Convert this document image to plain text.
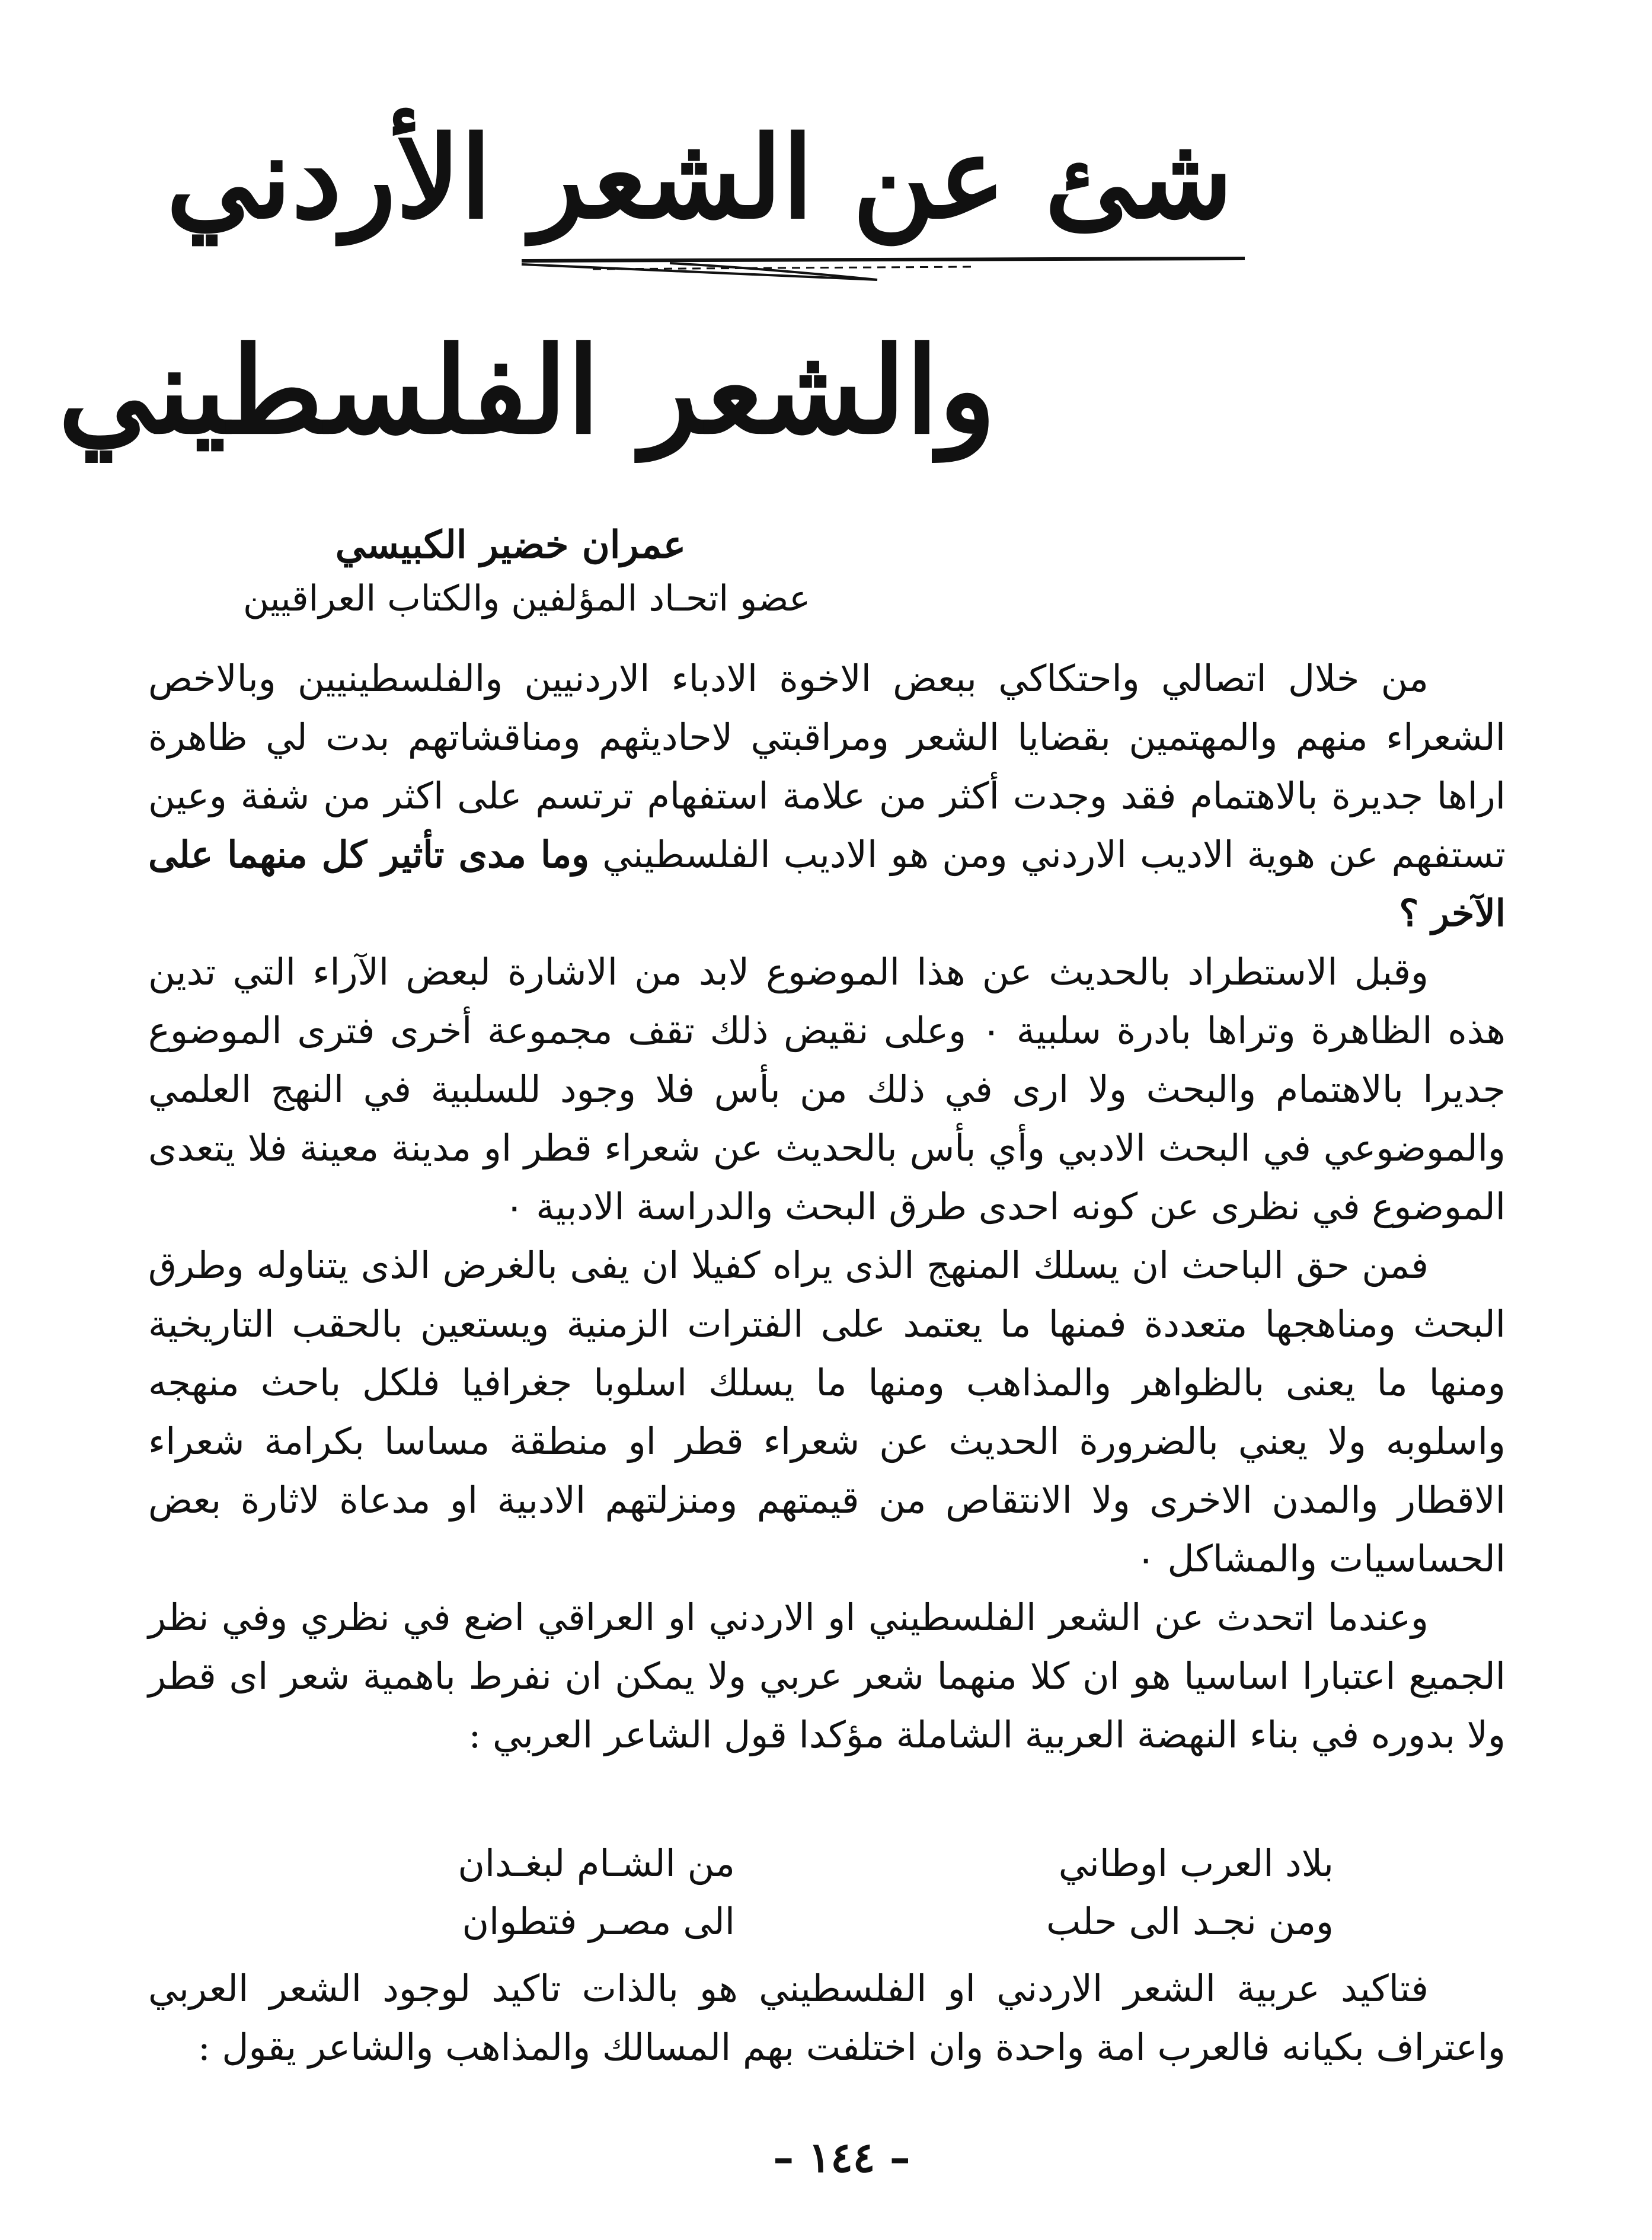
شئ عن الشعر الأردني
والشعر الفلسطيني
عمران خضير الكبيسي
عضو اتحـاد المؤلفين والكتاب العراقيين

من خلال اتصالي واحتكاكي ببعض الاخوة الادباء الاردنيين والفلسطينيين وبالاخص الشعراء منهم والمهتمين بقضايا الشعر ومراقبتي لاحاديثهم ومناقشاتهم بدت لي ظاهرة اراها جديرة بالاهتمام فقد وجدت أكثر من علامة استفهام ترتسم على اكثر من شفة وعين تستفهم عن هوية الاديب الاردني ومن هو الاديب الفلسطيني وما مدى تأثير كل منهما على الآخر ؟

وقبل الاستطراد بالحديث عن هذا الموضوع لابد من الاشارة لبعض الآراء التي تدين هذه الظاهرة وتراها بادرة سلبية ٠ وعلى نقيض ذلك تقف مجموعة أخرى فترى الموضوع جديرا بالاهتمام والبحث ولا ارى في ذلك من بأس فلا وجود للسلبية في النهج العلمي والموضوعي في البحث الادبي وأي بأس بالحديث عن شعراء قطر او مدينة معينة فلا يتعدى الموضوع في نظرى عن كونه احدى طرق البحث والدراسة الادبية ٠

فمن حق الباحث ان يسلك المنهج الذى يراه كفيلا ان يفى بالغرض الذى يتناوله وطرق البحث ومناهجها متعددة فمنها ما يعتمد على الفترات الزمنية ويستعين بالحقب التاريخية ومنها ما يعنى بالظواهر والمذاهب ومنها ما يسلك اسلوبا جغرافيا فلكل باحث منهجه واسلوبه ولا يعني بالضرورة الحديث عن شعراء قطر او منطقة مساسا بكرامة شعراء الاقطار والمدن الاخرى ولا الانتقاص من قيمتهم ومنزلتهم الادبية او مدعاة لاثارة بعض الحساسيات والمشاكل ٠

وعندما اتحدث عن الشعر الفلسطيني او الاردني او العراقي اضع في نظري وفي نظر الجميع اعتبارا اساسيا هو ان كلا منهما شعر عربي ولا يمكن ان نفرط باهمية شعر اى قطر ولا بدوره في بناء النهضة العربية الشاملة مؤكدا قول الشاعر العربي :

بلاد العرب اوطاني
من الشـام لبغـدان
ومن نجـد الى حلب
الى مصـر فتطوان

فتاكيد عربية الشعر الاردني او الفلسطيني هو بالذات تاكيد لوجود الشعر العربي واعتراف بكيانه فالعرب امة واحدة وان اختلفت بهم المسالك والمذاهب والشاعر يقول :

– ١٤٤ –
